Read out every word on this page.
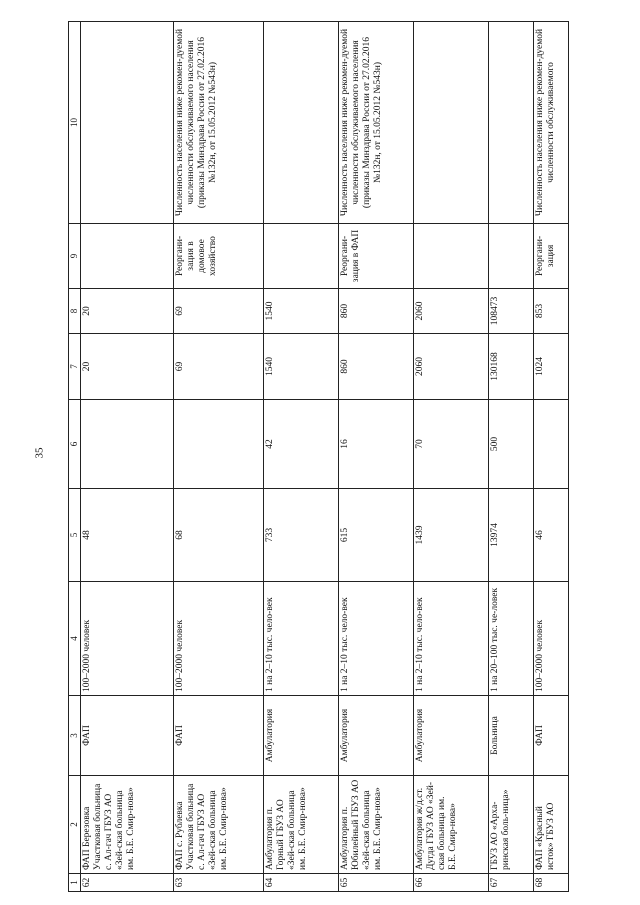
35
1	2	3	4	5	6	7	8	9	10
62	ФАП Березовка Участковая больница с. Ал-гач ГБУЗ АО «Зей-ская больница им. Б.Е. Смир-нова»	ФАП	100–2000 человек	48		20	20		
63	ФАП с. Рублевка Участковая больница с. Ал-гач ГБУЗ АО «Зей-ская больница им. Б.Е. Смир-нова»	ФАП	100–2000 человек	68		69	69	Реоргани-зация в домовое хозяйство	Численность населения ниже рекомен-дуемой численности обслуживаемого населения (приказы Минздрава России от 27.02.2016 №132н, от 15.05.2012 №543н)
64	Амбулатория п. Горный ГБУЗ АО «Зей-ская больница им. Б.Е. Смир-нова»	Амбулатория	1 на 2–10 тыс. чело-век	733	42	1540	1540		
65	Амбулатория п. Юбилейный ГБУЗ АО «Зей-ская больница им. Б.Е. Смир-нова»	Амбулатория	1 на 2–10 тыс. чело-век	615	16	860	860	Реоргани-зация в ФАП	Численность населения ниже рекомен-дуемой численности обслуживаемого населения (приказы Минздрава России от 27.02.2016 №132н, от 15.05.2012 №543н)
66	Амбулатория ж/д.ст. Дугда ГБУЗ АО «Зей-ская больница им. Б.Е. Смир-нова»	Амбулатория	1 на 2–10 тыс. чело-век	1439	70	2060	2060		
67	ГБУЗ АО «Архa-ринская боль-ница»	Больница	1 на 20–100 тыс. че-ловек	13974	500	130168	108473		
68	ФАП «Красный исток» ГБУЗ АО	ФАП	100–2000 человек	46		1024	853	Реоргани-зация	Численность населения ниже рекомен-дуемой численности обслуживаемого
